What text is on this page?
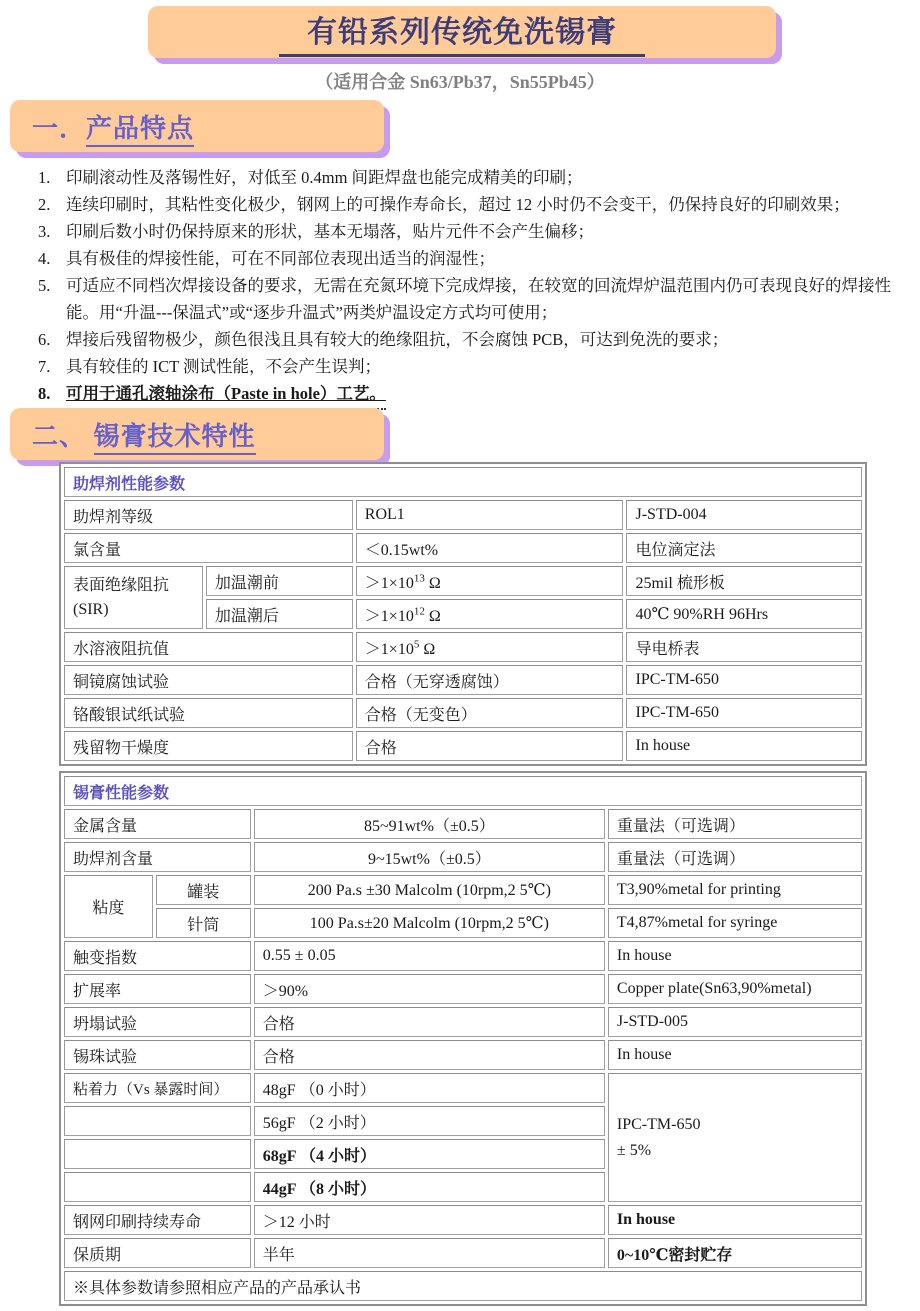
有铅系列传统免洗锡膏
（适用合金 Sn63/Pb37，Sn55Pb45）
一．产品特点
1. 印刷滚动性及落锡性好，对低至 0.4mm 间距焊盘也能完成精美的印刷；
2. 连续印刷时，其粘性变化极少，钢网上的可操作寿命长，超过 12 小时仍不会变干，仍保持良好的印刷效果；
3. 印刷后数小时仍保持原来的形状，基本无塌落，贴片元件不会产生偏移；
4. 具有极佳的焊接性能，可在不同部位表现出适当的润湿性；
5. 可适应不同档次焊接设备的要求，无需在充氮环境下完成焊接，在较宽的回流焊炉温范围内仍可表现良好的焊接性能。用“升温---保温式”或“逐步升温式”两类炉温设定方式均可使用；
6. 焊接后残留物极少，颜色很浅且具有较大的绝缘阻抗，不会腐蚀 PCB，可达到免洗的要求；
7. 具有较佳的 ICT 测试性能，不会产生误判；
8. 可用于通孔滚轴涂布（Paste in hole）工艺。
二、 锡膏技术特性
助焊剂性能参数			
助焊剂等级		ROL1	J-STD-004
氯含量		＜0.15wt%	电位滴定法

表面绝缘阻抗
(SIR)	加温潮前	$>1\times 10^{13}$ Ω	25mil 梳形板
	加温潮后	$>1\times 10^{12}$ Ω	40℃ 90%RH 96Hrs
水溶液阻抗值		$>1\times 10^5$ Ω	导电桥表
铜镜腐蚀试验		合格（无穿透腐蚀）	IPC-TM-650
铬酸银试纸试验		合格（无变色）	IPC-TM-650
残留物干燥度		合格	In house
锡膏性能参数			
金属含量		85~91wt%（±0.5）	重量法（可选调）
助焊剂含量		9~15wt%（±0.5）	重量法（可选调）
粘度	罐装	200 Pa.s ±30 Malcolm (10rpm,2 5℃)	T3,90%metal for printing
	针筒	100 Pa.s±20 Malcolm (10rpm,2 5℃)	T4,87%metal for syringe
触变指数		0.55 ± 0.05	In house
扩展率		＞90%	Copper plate(Sn63,90%metal)
坍塌试验		合格	J-STD-005
锡珠试验		合格	In house
粘着力（Vs 暴露时间）		48gF （0 小时）	IPC-TM-650
± 5%

		56gF （2 小时）	
		68gF （4 小时）	
		44gF （8 小时）	
钢网印刷持续寿命		＞12 小时	In house
保质期		半年	0~10℃密封贮存
※具体参数请参照相应产品的产品承认书			
